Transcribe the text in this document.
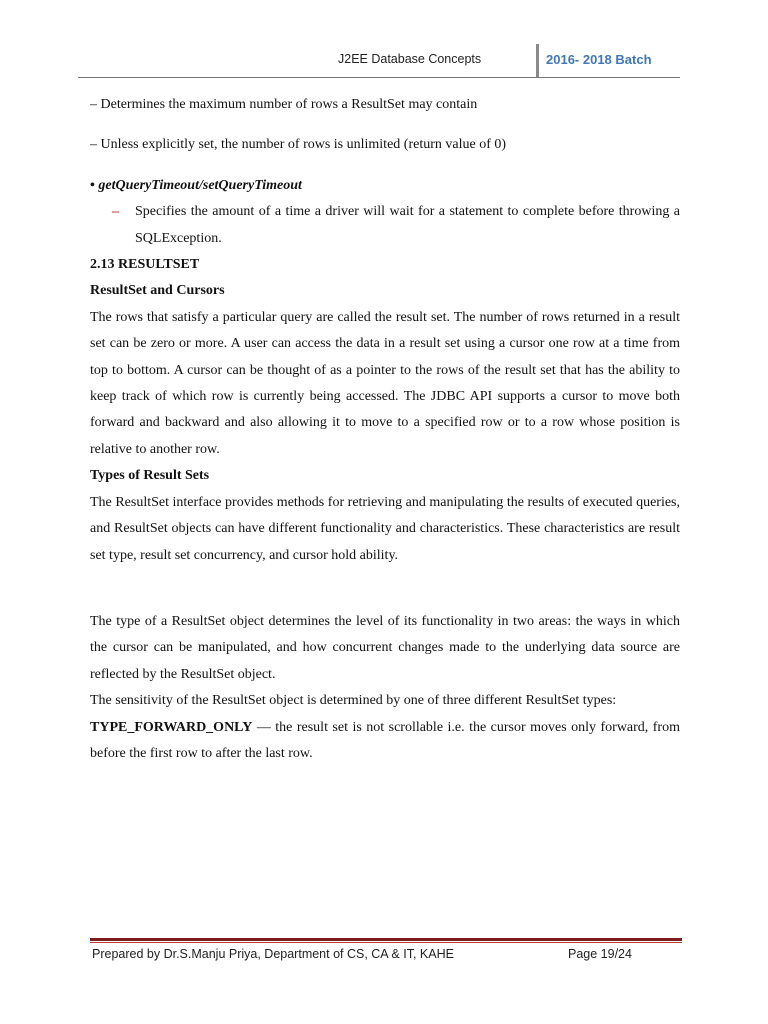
J2EE Database Concepts	2016- 2018 Batch

– Determines the maximum number of rows a ResultSet may contain

– Unless explicitly set, the number of rows is unlimited (return value of 0)

• getQueryTimeout/setQueryTimeout

– Specifies the amount of a time a driver will wait for a statement to complete before throwing a SQLException.

2.13 RESULTSET

ResultSet and Cursors

The rows that satisfy a particular query are called the result set. The number of rows returned in a result set can be zero or more. A user can access the data in a result set using a cursor one row at a time from top to bottom. A cursor can be thought of as a pointer to the rows of the result set that has the ability to keep track of which row is currently being accessed. The JDBC API supports a cursor to move both forward and backward and also allowing it to move to a specified row or to a row whose position is relative to another row.

Types of Result Sets

The ResultSet interface provides methods for retrieving and manipulating the results of executed queries, and ResultSet objects can have different functionality and characteristics. These characteristics are result set type, result set concurrency, and cursor hold ability.

The type of a ResultSet object determines the level of its functionality in two areas: the ways in which the cursor can be manipulated, and how concurrent changes made to the underlying data source are reflected by the ResultSet object.

The sensitivity of the ResultSet object is determined by one of three different ResultSet types:

TYPE_FORWARD_ONLY — the result set is not scrollable i.e. the cursor moves only forward, from before the first row to after the last row.

Prepared by Dr.S.Manju Priya, Department of CS, CA & IT, KAHE	Page 19/24
